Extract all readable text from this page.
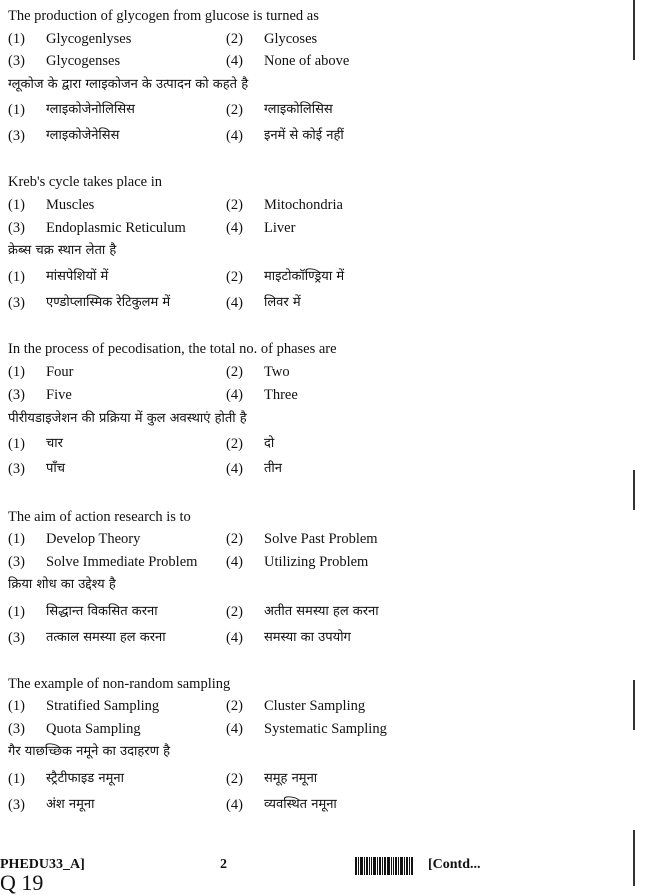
The production of glycogen from glucose is turned as
(1) Glycogenlyses	(2) Glycoses
(3) Glycogenses	(4) None of above
ग्लूकोज के द्वारा ग्लाइकोजन के उत्पादन को कहते है
(1) ग्लाइकोजेनोलिसिस	(2) ग्लाइकोलिसिस
(3) ग्लाइकोजेनेसिस	(4) इनमें से कोई नहीं
Kreb's cycle takes place in
(1) Muscles	(2) Mitochondria
(3) Endoplasmic Reticulum	(4) Liver
क्रेब्स चक्र स्थान लेता है
(1) मांसपेशियों में	(2) माइटोकॉण्ड्रिया में
(3) एण्डोप्लास्मिक रेटिकुलम में	(4) लिवर में
In the process of pecodisation, the total no. of phases are
(1) Four	(2) Two
(3) Five	(4) Three
पीरीयडाइजेशन की प्रक्रिया में कुल अवस्थाएं होती है
(1) चार	(2) दो
(3) पाँच	(4) तीन
The aim of action research is to
(1) Develop Theory	(2) Solve Past Problem
(3) Solve Immediate Problem (4) Utilizing Problem
क्रिया शोध का उद्देश्य है
(1) सिद्धान्त विकसित करना	(2) अतीत समस्या हल करना
(3) तत्काल समस्या हल करना	(4) समस्या का उपयोग
The example of non-random sampling
(1) Stratified Sampling	(2) Cluster Sampling
(3) Quota Sampling	(4) Systematic Sampling
गैर याछच्छिक नमूने का उदाहरण है
(1) स्ट्रैटीफाइड नमूना	(2) समूह नमूना
(3) अंश नमूना	(4) व्यवस्थित नमूना
PHEDU33_A]	2	[Contd...
Q 19
